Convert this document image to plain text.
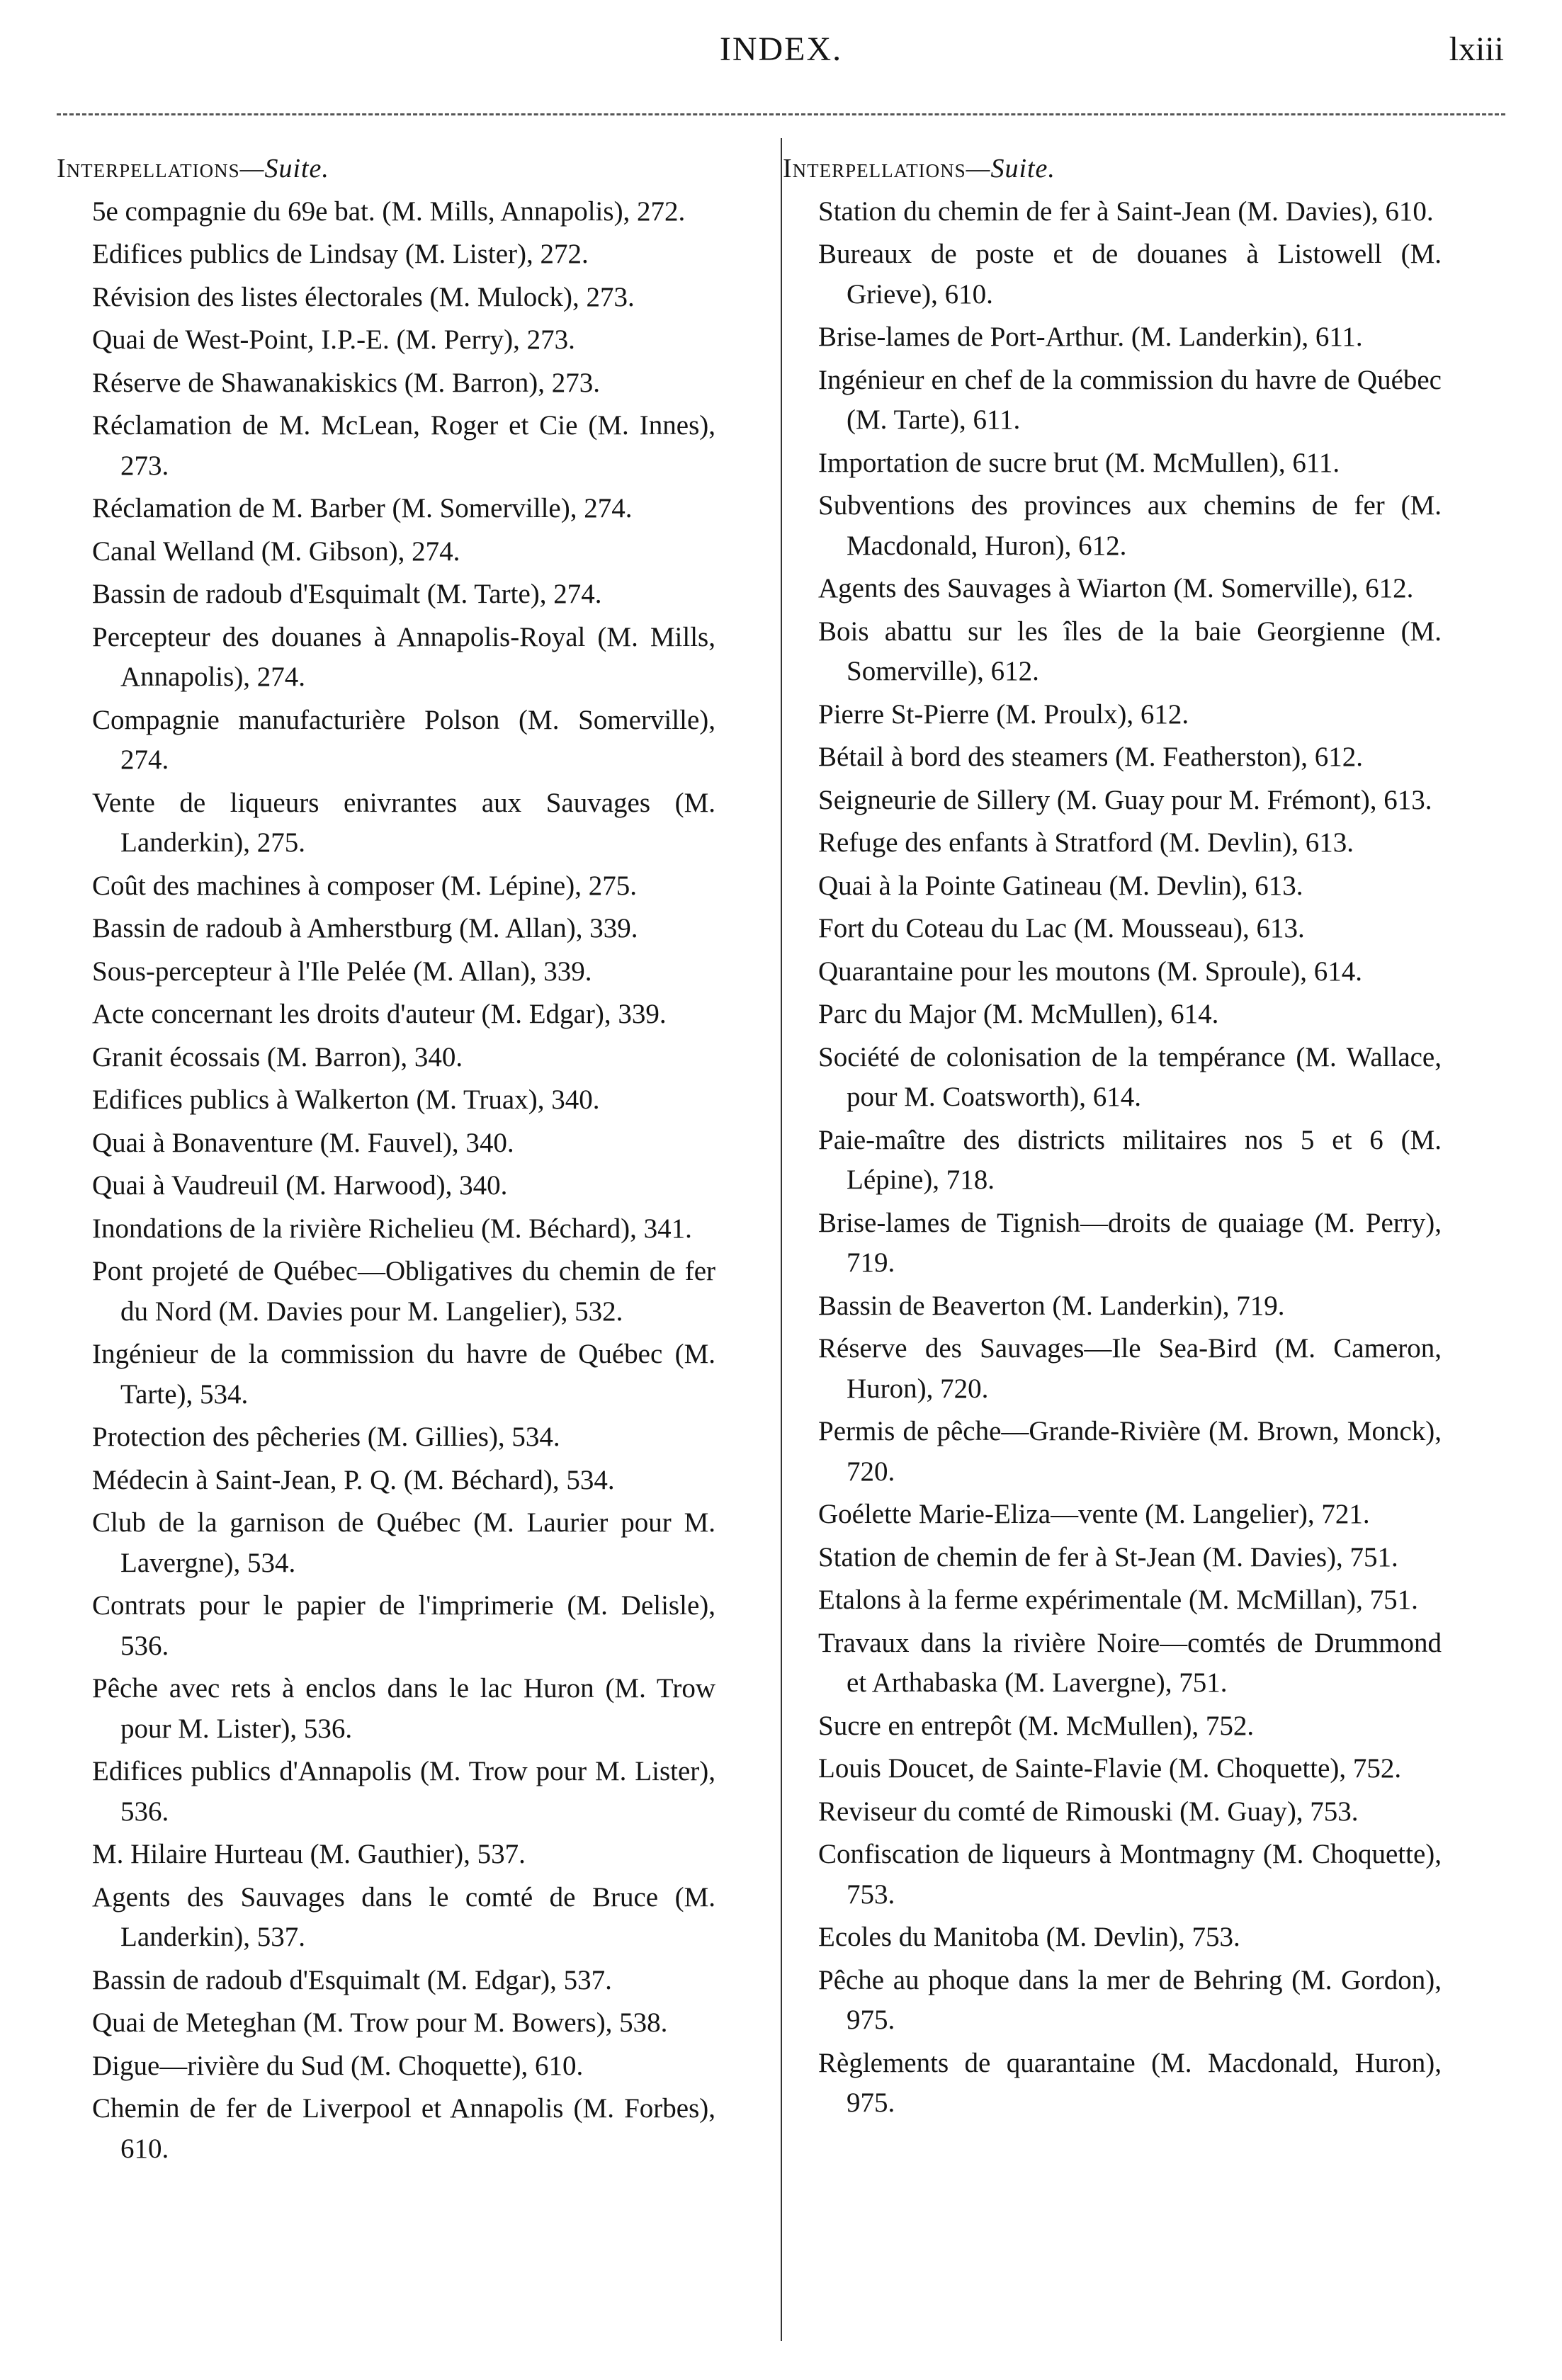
INDEX.	lxiii
Interpellations—Suite.
5e compagnie du 69e bat. (M. Mills, Annapolis), 272.
Edifices publics de Lindsay (M. Lister), 272.
Révision des listes électorales (M. Mulock), 273.
Quai de West-Point, I.P.-E. (M. Perry), 273.
Réserve de Shawanakiskics (M. Barron), 273.
Réclamation de M. McLean, Roger et Cie (M. Innes), 273.
Réclamation de M. Barber (M. Somerville), 274.
Canal Welland (M. Gibson), 274.
Bassin de radoub d'Esquimalt (M. Tarte), 274.
Percepteur des douanes à Annapolis-Royal (M. Mills, Annapolis), 274.
Compagnie manufacturière Polson (M. Somerville), 274.
Vente de liqueurs enivrantes aux Sauvages (M. Landerkin), 275.
Coût des machines à composer (M. Lépine), 275.
Bassin de radoub à Amherstburg (M. Allan), 339.
Sous-percepteur à l'Ile Pelée (M. Allan), 339.
Acte concernant les droits d'auteur (M. Edgar), 339.
Granit écossais (M. Barron), 340.
Edifices publics à Walkerton (M. Truax), 340.
Quai à Bonaventure (M. Fauvel), 340.
Quai à Vaudreuil (M. Harwood), 340.
Inondations de la rivière Richelieu (M. Béchard), 341.
Pont projeté de Québec—Obligatives du chemin de fer du Nord (M. Davies pour M. Langelier), 532.
Ingénieur de la commission du havre de Québec (M. Tarte), 534.
Protection des pêcheries (M. Gillies), 534.
Médecin à Saint-Jean, P. Q. (M. Béchard), 534.
Club de la garnison de Québec (M. Laurier pour M. Lavergne), 534.
Contrats pour le papier de l'imprimerie (M. Delisle), 536.
Pêche avec rets à enclos dans le lac Huron (M. Trow pour M. Lister), 536.
Edifices publics d'Annapolis (M. Trow pour M. Lister), 536.
M. Hilaire Hurteau (M. Gauthier), 537.
Agents des Sauvages dans le comté de Bruce (M. Landerkin), 537.
Bassin de radoub d'Esquimalt (M. Edgar), 537.
Quai de Meteghan (M. Trow pour M. Bowers), 538.
Digue—rivière du Sud (M. Choquette), 610.
Chemin de fer de Liverpool et Annapolis (M. Forbes), 610.
Interpellations—Suite.
Station du chemin de fer à Saint-Jean (M. Davies), 610.
Bureaux de poste et de douanes à Listowell (M. Grieve), 610.
Brise-lames de Port-Arthur. (M. Landerkin), 611.
Ingénieur en chef de la commission du havre de Québec (M. Tarte), 611.
Importation de sucre brut (M. McMullen), 611.
Subventions des provinces aux chemins de fer (M. Macdonald, Huron), 612.
Agents des Sauvages à Wiarton (M. Somerville), 612.
Bois abattu sur les îles de la baie Georgienne (M. Somerville), 612.
Pierre St-Pierre (M. Proulx), 612.
Bétail à bord des steamers (M. Featherston), 612.
Seigneurie de Sillery (M. Guay pour M. Frémont), 613.
Refuge des enfants à Stratford (M. Devlin), 613.
Quai à la Pointe Gatineau (M. Devlin), 613.
Fort du Coteau du Lac (M. Mousseau), 613.
Quarantaine pour les moutons (M. Sproule), 614.
Parc du Major (M. McMullen), 614.
Société de colonisation de la tempérance (M. Wallace, pour M. Coatsworth), 614.
Paie-maître des districts militaires nos 5 et 6 (M. Lépine), 718.
Brise-lames de Tignish—droits de quaiage (M. Perry), 719.
Bassin de Beaverton (M. Landerkin), 719.
Réserve des Sauvages—Ile Sea-Bird (M. Cameron, Huron), 720.
Permis de pêche—Grande-Rivière (M. Brown, Monck), 720.
Goélette Marie-Eliza—vente (M. Langelier), 721.
Station de chemin de fer à St-Jean (M. Davies), 751.
Etalons à la ferme expérimentale (M. McMillan), 751.
Travaux dans la rivière Noire—comtés de Drummond et Arthabaska (M. Lavergne), 751.
Sucre en entrepôt (M. McMullen), 752.
Louis Doucet, de Sainte-Flavie (M. Choquette), 752.
Reviseur du comté de Rimouski (M. Guay), 753.
Confiscation de liqueurs à Montmagny (M. Choquette), 753.
Ecoles du Manitoba (M. Devlin), 753.
Pêche au phoque dans la mer de Behring (M. Gordon), 975.
Règlements de quarantaine (M. Macdonald, Huron), 975.
